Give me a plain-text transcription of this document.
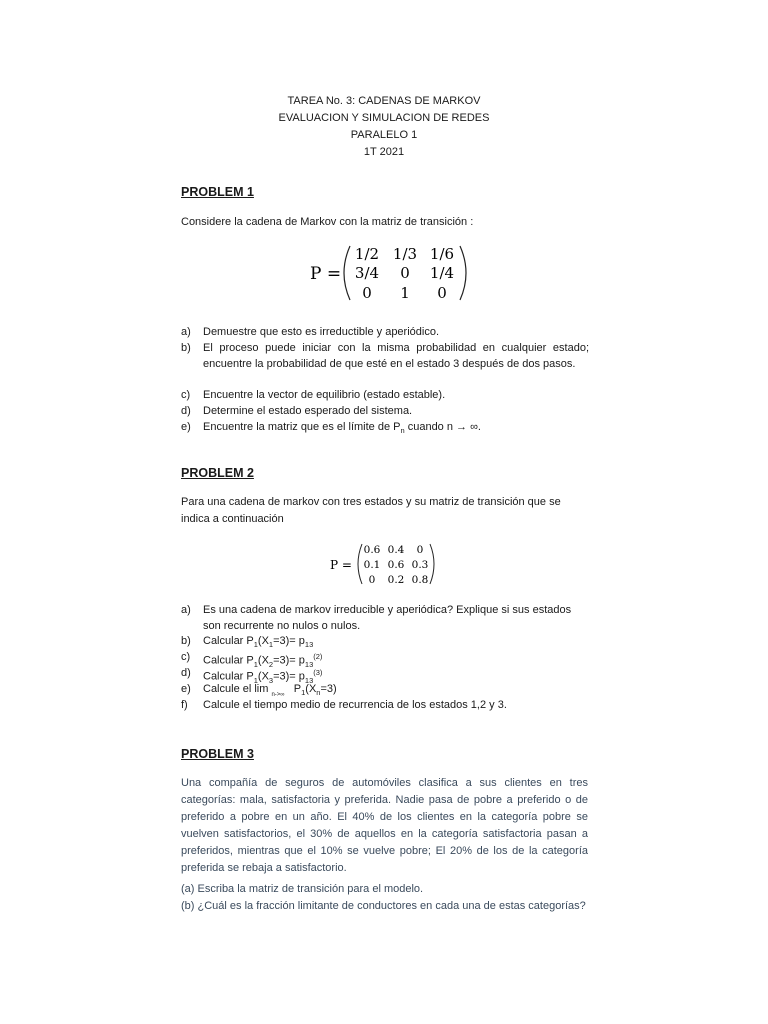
TAREA No. 3: CADENAS DE MARKOV
EVALUACION Y SIMULACION DE REDES
PARALELO 1
1T 2021
PROBLEM 1
Considere la cadena de Markov con la matriz de transición :
P =
1/2 1/3 1/6
3/4 0 1/4
0 1 0
a) Demuestre que esto es irreductible y aperiódico.
b) El proceso puede iniciar con la misma probabilidad en cualquier estado; encuentre la probabilidad de que esté en el estado 3 después de dos pasos.
c) Encuentre la vector de equilibrio (estado estable).
d) Determine el estado esperado del sistema.
e) Encuentre la matriz que es el límite de $P_n$ cuando n → ∞.
PROBLEM 2
Para una cadena de markov con tres estados y su matriz de transición que se indica a continuación
P =
0.6 0.4 0
0.1 0.6 0.3
0 0.2 0.8
a) Es una cadena de markov irreducible y aperiódica? Explique si sus estados son recurrente no nulos o nulos.
b) Calcular $P_1(X_1=3)= p_{13}$
c) Calcular $P_1(X_2=3)= p_{13}^{(2)}$
d) Calcular $P_1(X_3=3)= p_{13}^{(3)}$
e) Calcule el lim $_{n->\infty}$   $P_1(X_n=3)$
f) Calcule el tiempo medio de recurrencia de los estados 1,2 y 3.
PROBLEM 3
Una compañía de seguros de automóviles clasifica a sus clientes en tres categorías: mala, satisfactoria y preferida. Nadie pasa de pobre a preferido o de preferido a pobre en un año. El 40% de los clientes en la categoría pobre se vuelven satisfactorios, el 30% de aquellos en la categoría satisfactoria pasan a preferidos, mientras que el 10% se vuelve pobre; El 20% de los de la categoría preferida se rebaja a satisfactorio.
(a) Escriba la matriz de transición para el modelo.
(b) ¿Cuál es la fracción limitante de conductores en cada una de estas categorías?
